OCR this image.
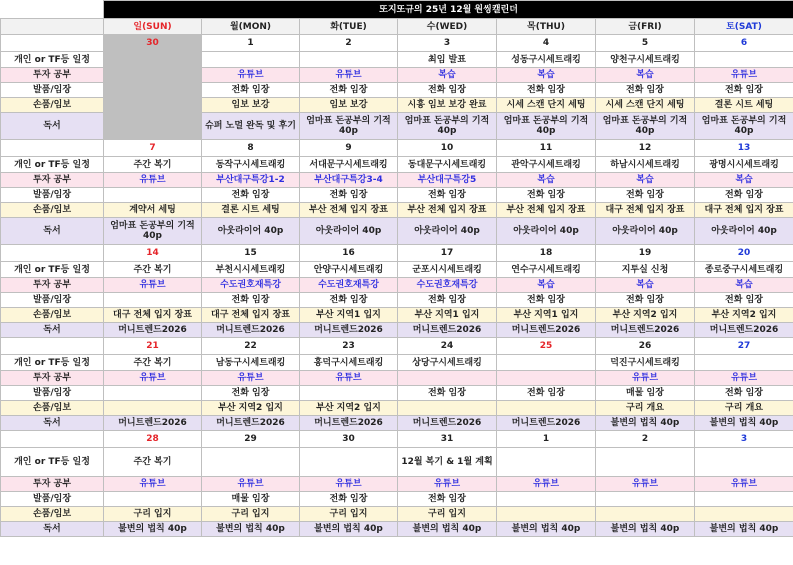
	또지또규의 25년 12월 원씽캘린더						
	일(SUN)	월(MON)	화(TUE)	수(WED)	목(THU)	금(FRI)	토(SAT)
	30	1	2	3	4	5	6
개인 or TF등 일정				최임 발표	성동구시세트래킹	양천구시세트래킹	
투자 공부		유튜브	유튜브	복습	복습	복습	유튜브
발품/임장		전화 임장	전화 임장	전화 임장	전화 임장	전화 임장	전화 임장
손품/임보		임보 보강	임보 보강	시흥 임보 보강 완료	시세 스캔 단지 세팅	시세 스캔 단지 세팅	결론 시트 세팅
독서		슈퍼 노멀 완독 및 후기	엄마표 돈공부의 기적 40p	엄마표 돈공부의 기적 40p	엄마표 돈공부의 기적 40p	엄마표 돈공부의 기적 40p	엄마표 돈공부의 기적 40p
	7	8	9	10	11	12	13
개인 or TF등 일정	주간 복기	동작구시세트래킹	서대문구시세트래킹	동대문구시세트래킹	관악구시세트래킹	하남시시세트래킹	광명시시세트래킹
투자 공부	유튜브	부산대구특강1-2	부산대구특강3-4	부산대구특강5	복습	복습	복습
발품/임장		전화 임장	전화 임장	전화 임장	전화 임장	전화 임장	전화 임장
손품/임보	계약서 세팅	결론 시트 세팅	부산 전체 입지 장표	부산 전체 입지 장표	부산 전체 입지 장표	대구 전체 입지 장표	대구 전체 입지 장표
독서	엄마표 돈공부의 기적 40p	아웃라이어 40p	아웃라이어 40p	아웃라이어 40p	아웃라이어 40p	아웃라이어 40p	아웃라이어 40p
	14	15	16	17	18	19	20
개인 or TF등 일정	주간 복기	부천시시세트래킹	안양구시세트래킹	군포시시세트래킹	연수구시세트래킹	지투실 신청	종로중구시세트래킹
투자 공부	유튜브	수도권호재특강	수도권호재특강	수도권호재특강	복습	복습	복습
발품/임장		전화 임장	전화 임장	전화 임장	전화 임장	전화 임장	전화 임장
손품/임보	대구 전체 입지 장표	대구 전체 입지 장표	부산 지역1 입지	부산 지역1 입지	부산 지역1 입지	부산 지역2 입지	부산 지역2 입지
독서	머니트렌드2026	머니트렌드2026	머니트렌드2026	머니트렌드2026	머니트렌드2026	머니트렌드2026	머니트렌드2026
	21	22	23	24	25	26	27
개인 or TF등 일정	주간 복기	남동구시세트래킹	홍덕구시세트래킹	상당구시세트래킹		덕진구시세트래킹	
투자 공부	유튜브	유튜브	유튜브			유튜브	유튜브
발품/임장		전화 임장		전화 임장	전화 임장	매물 임장	전화 임장
손품/임보		부산 지역2 입지	부산 지역2 입지			구리 개요	구리 개요
독서	머니트렌드2026	머니트렌드2026	머니트렌드2026	머니트렌드2026	머니트렌드2026	불변의 법칙 40p	불변의 법칙 40p
	28	29	30	31	1	2	3
개인 or TF등 일정	주간 복기			12월 복기 & 1월 계획			
투자 공부	유튜브	유튜브	유튜브	유튜브	유튜브	유튜브	유튜브
발품/임장		매물 임장	전화 임장	전화 임장			
손품/임보	구리 입지	구리 입지	구리 입지	구리 입지			
독서	불변의 법칙 40p	불변의 법칙 40p	불변의 법칙 40p	불변의 법칙 40p	불변의 법칙 40p	불변의 법칙 40p	불변의 법칙 40p
